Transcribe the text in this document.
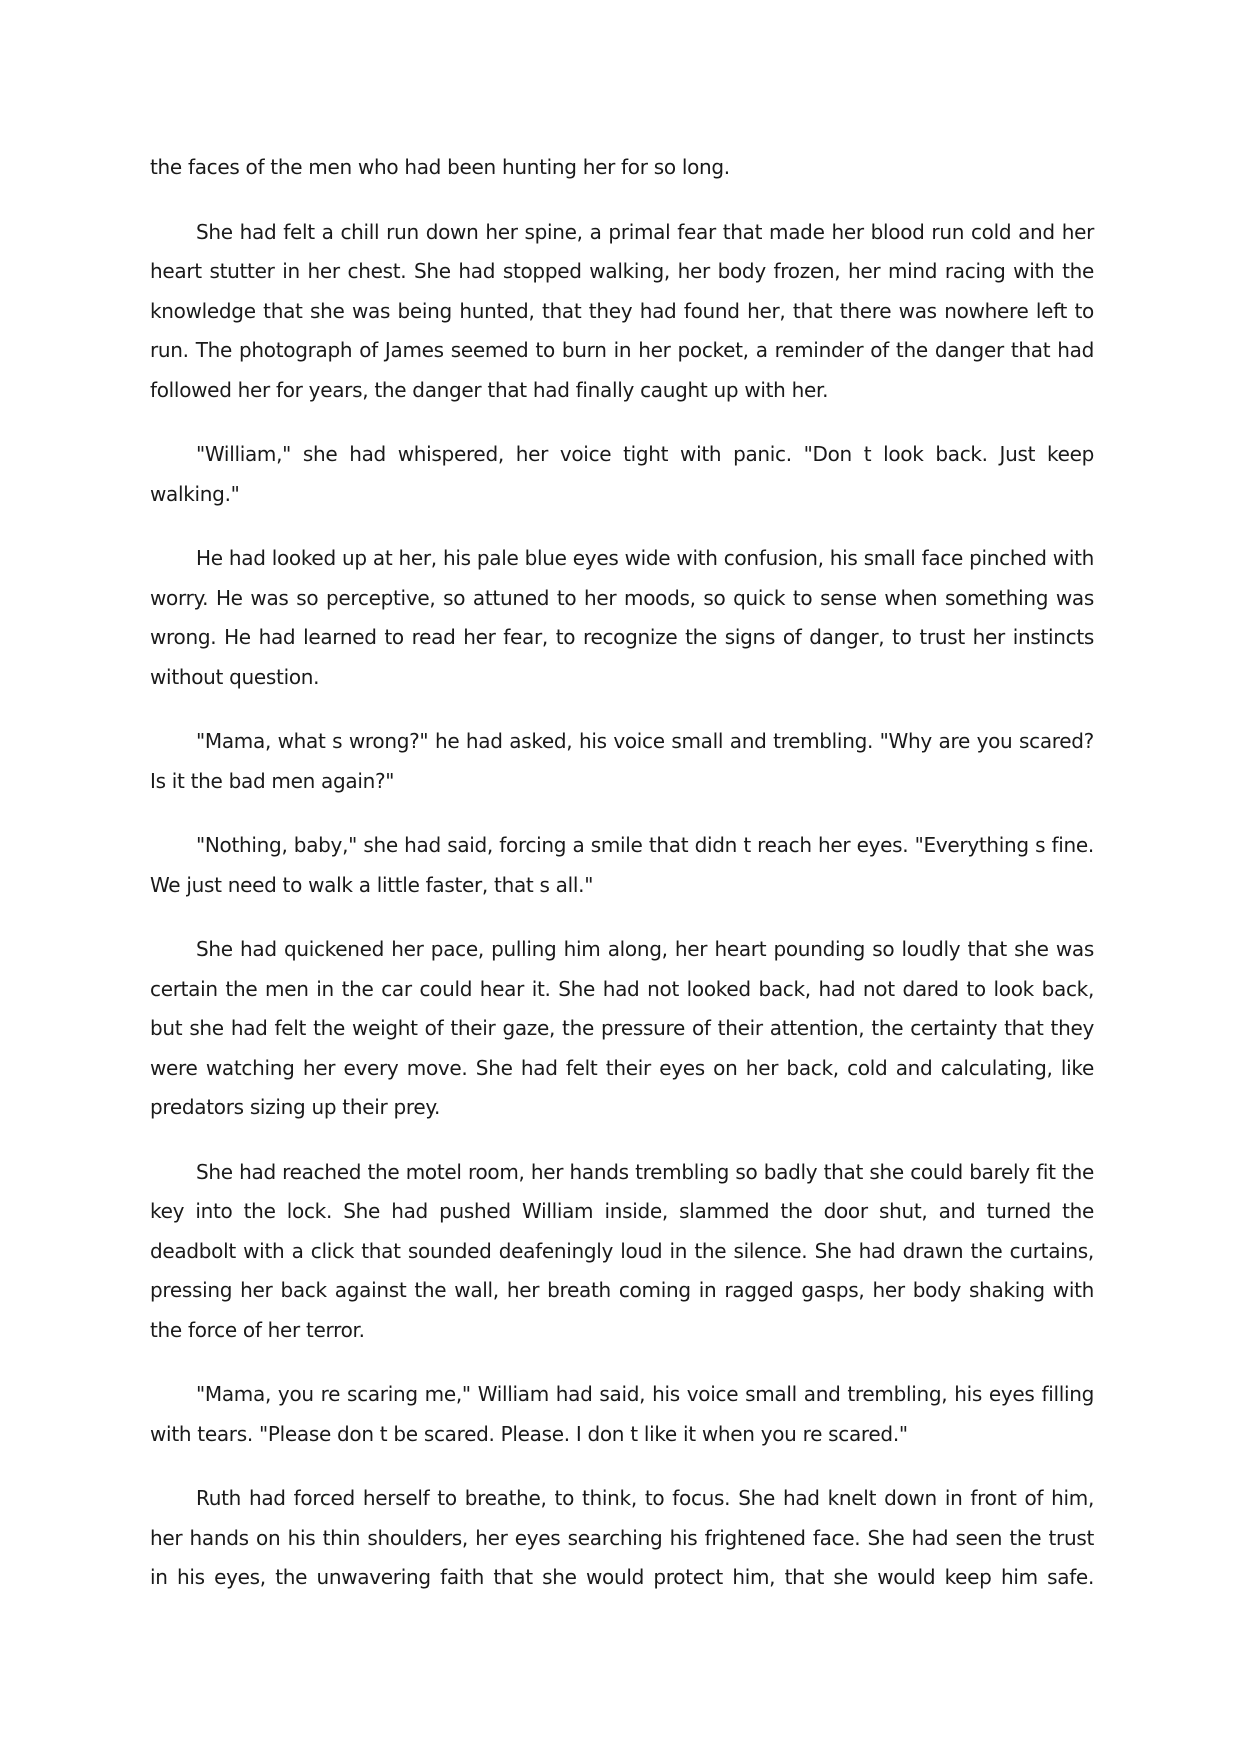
the faces of the men who had been hunting her for so long.

She had felt a chill run down her spine, a primal fear that made her blood run cold and her heart stutter in her chest. She had stopped walking, her body frozen, her mind racing with the knowledge that she was being hunted, that they had found her, that there was nowhere left to run. The photograph of James seemed to burn in her pocket, a reminder of the danger that had followed her for years, the danger that had finally caught up with her.

"William," she had whispered, her voice tight with panic. "Don t look back. Just keep walking."

He had looked up at her, his pale blue eyes wide with confusion, his small face pinched with worry. He was so perceptive, so attuned to her moods, so quick to sense when something was wrong. He had learned to read her fear, to recognize the signs of danger, to trust her instincts without question.

"Mama, what s wrong?" he had asked, his voice small and trembling. "Why are you scared? Is it the bad men again?"

"Nothing, baby," she had said, forcing a smile that didn t reach her eyes. "Everything s fine. We just need to walk a little faster, that s all."

She had quickened her pace, pulling him along, her heart pounding so loudly that she was certain the men in the car could hear it. She had not looked back, had not dared to look back, but she had felt the weight of their gaze, the pressure of their attention, the certainty that they were watching her every move. She had felt their eyes on her back, cold and calculating, like predators sizing up their prey.

She had reached the motel room, her hands trembling so badly that she could barely fit the key into the lock. She had pushed William inside, slammed the door shut, and turned the deadbolt with a click that sounded deafeningly loud in the silence. She had drawn the curtains, pressing her back against the wall, her breath coming in ragged gasps, her body shaking with the force of her terror.

"Mama, you re scaring me," William had said, his voice small and trembling, his eyes filling with tears. "Please don t be scared. Please. I don t like it when you re scared."

Ruth had forced herself to breathe, to think, to focus. She had knelt down in front of him, her hands on his thin shoulders, her eyes searching his frightened face. She had seen the trust in his eyes, the unwavering faith that she would protect him, that she would keep him safe.
